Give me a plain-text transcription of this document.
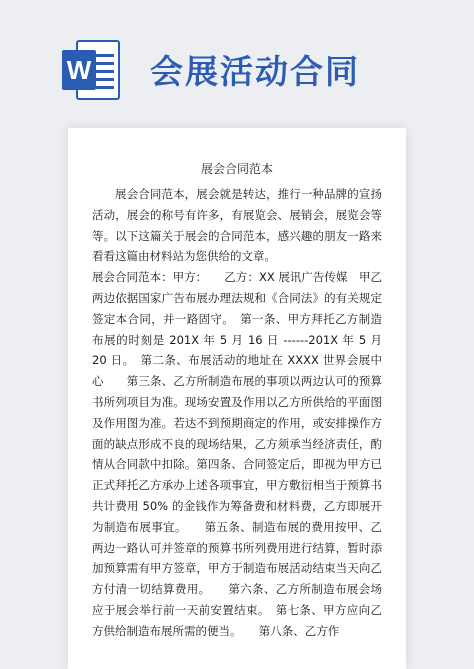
W 会展活动合同
展会合同范本

展会合同范本，展会就是转达，推行一种品牌的宣扬活动，展会的称号有许多，有展览会、展销会，展览会等等。以下这篇关于展会的合同范本，感兴趣的朋友一路来看看这篇由材料站为您供给的文章。

展会合同范本：甲方：　　乙方：XX 展讯广告传媒　甲乙两边依据国家广告布展办理法规和《合同法》的有关规定签定本合同，并一路固守。　第一条、甲方拜托乙方制造布展的时刻是 201X 年 5 月 16 日 ------201X 年 5 月 20 日。　第二条、布展活动的地址在 XXXX 世界会展中心　　第三条、乙方所制造布展的事项以两边认可的预算书所列项目为准。现场安置及作用以乙方所供给的平面图及作用图为准。若达不到预期商定的作用，或安排操作方面的缺点形成不良的现场结果，乙方须承当经济责任，酌情从合同款中扣除。第四条、合同签定后，即视为甲方已正式拜托乙方承办上述各项事宜，甲方敷衍相当于预算书共计费用 50% 的金钱作为筹备费和材料费，乙方即展开为制造布展事宜。　　第五条、制造布展的费用按甲、乙两边一路认可并签章的预算书所列费用进行结算，暂时添加预算需有甲方签章，甲方于制造布展活动结束当天向乙方付清一切结算费用。　　第六条、乙方所制造布展会场应于展会举行前一天前安置结束。　第七条、甲方应向乙方供给制造布展所需的便当。　　第八条、乙方作
